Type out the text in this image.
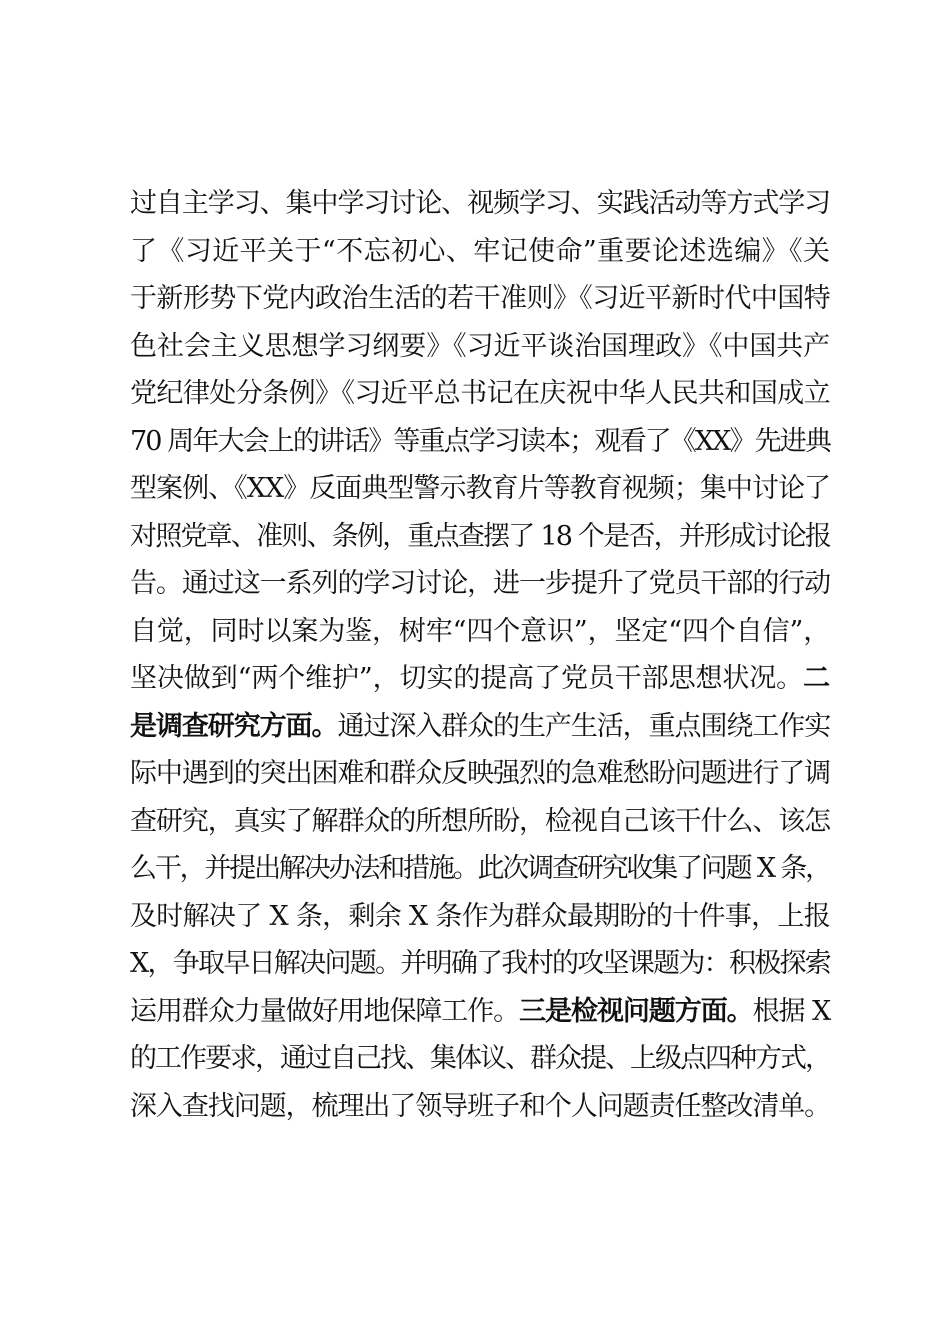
过自主学习、集中学习讨论、视频学习、实践活动等方式学习
了《习近平关于“不忘初心、牢记使命”重要论述选编》《关
于新形势下党内政治生活的若干准则》《习近平新时代中国特
色社会主义思想学习纲要》《习近平谈治国理政》《中国共产
党纪律处分条例》《习近平总书记在庆祝中华人民共和国成立
70 周年大会上的讲话》等重点学习读本；观看了《XX》先进典
型案例、《XX》反面典型警示教育片等教育视频；集中讨论了
对照党章、准则、条例，重点查摆了 18 个是否，并形成讨论报
告。通过这一系列的学习讨论，进一步提升了党员干部的行动
自觉，同时以案为鉴，树牢“四个意识”，坚定“四个自信”，
坚决做到“两个维护”，切实的提高了党员干部思想状况。二
是调查研究方面。通过深入群众的生产生活，重点围绕工作实
际中遇到的突出困难和群众反映强烈的急难愁盼问题进行了调
查研究，真实了解群众的所想所盼，检视自己该干什么、该怎
么干，并提出解决办法和措施。此次调查研究收集了问题 X 条，
及时解决了 X 条，剩余 X 条作为群众最期盼的十件事，上报
X，争取早日解决问题。并明确了我村的攻坚课题为：积极探索
运用群众力量做好用地保障工作。三是检视问题方面。根据 X
的工作要求，通过自己找、集体议、群众提、上级点四种方式，
深入查找问题，梳理出了领导班子和个人问题责任整改清单。
